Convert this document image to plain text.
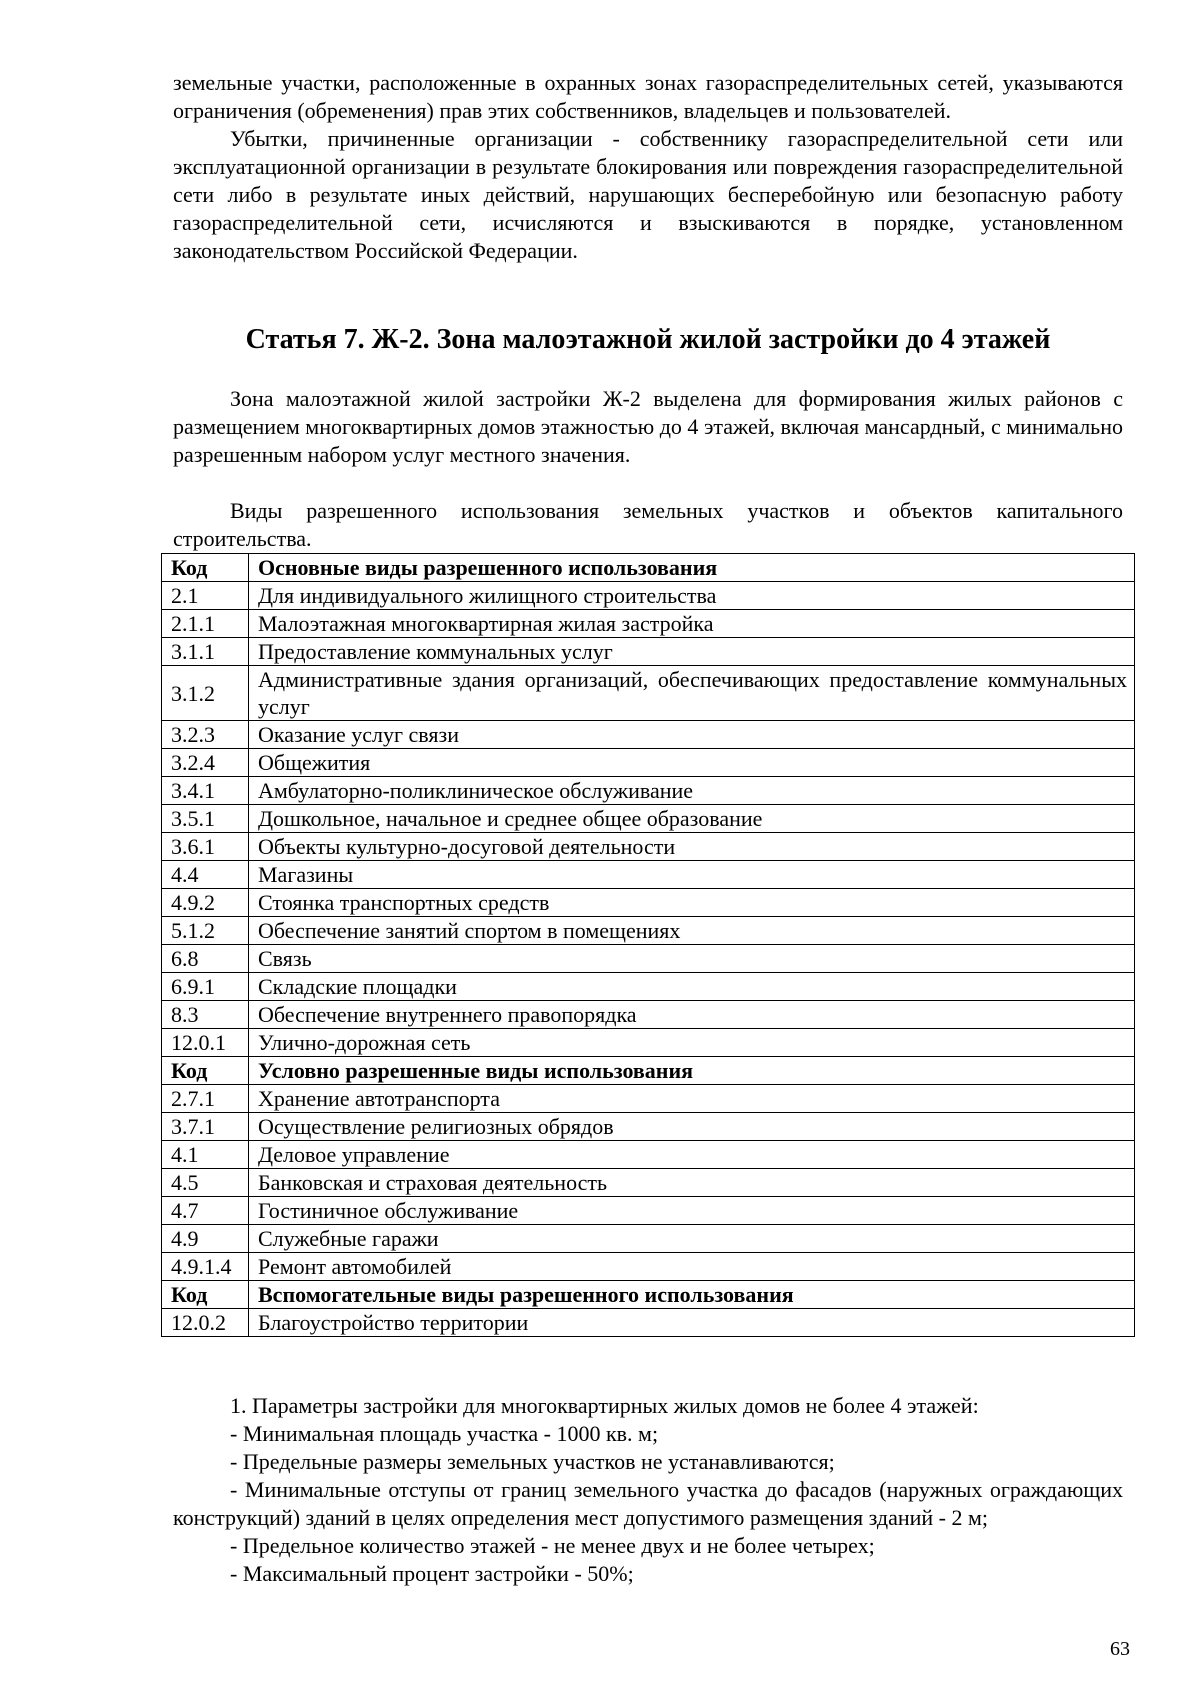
земельные участки, расположенные в охранных зонах газораспределительных сетей, указываются ограничения (обременения) прав этих собственников, владельцев и пользователей.

Убытки, причиненные организации - собственнику газораспределительной сети или эксплуатационной организации в результате блокирования или повреждения газораспределительной сети либо в результате иных действий, нарушающих бесперебойную или безопасную работу газораспределительной сети, исчисляются и взыскиваются в порядке, установленном законодательством Российской Федерации.

Статья 7. Ж-2. Зона малоэтажной жилой застройки до 4 этажей

Зона малоэтажной жилой застройки Ж-2 выделена для формирования жилых районов с размещением многоквартирных домов этажностью до 4 этажей, включая мансардный, с минимально разрешенным набором услуг местного значения.

Виды разрешенного использования земельных участков и объектов капитального строительства.

Код	Основные виды разрешенного использования
2.1	Для индивидуального жилищного строительства
2.1.1	Малоэтажная многоквартирная жилая застройка
3.1.1	Предоставление коммунальных услуг
3.1.2	Административные здания организаций, обеспечивающих предоставление коммунальных услуг
3.2.3	Оказание услуг связи
3.2.4	Общежития
3.4.1	Амбулаторно-поликлиническое обслуживание
3.5.1	Дошкольное, начальное и среднее общее образование
3.6.1	Объекты культурно-досуговой деятельности
4.4	Магазины
4.9.2	Стоянка транспортных средств
5.1.2	Обеспечение занятий спортом в помещениях
6.8	Связь
6.9.1	Складские площадки
8.3	Обеспечение внутреннего правопорядка
12.0.1	Улично-дорожная сеть
Код	Условно разрешенные виды использования
2.7.1	Хранение автотранспорта
3.7.1	Осуществление религиозных обрядов
4.1	Деловое управление
4.5	Банковская и страховая деятельность
4.7	Гостиничное обслуживание
4.9	Служебные гаражи
4.9.1.4	Ремонт автомобилей
Код	Вспомогательные виды разрешенного использования
12.0.2	Благоустройство территории

1. Параметры застройки для многоквартирных жилых домов не более 4 этажей:

- Минимальная площадь участка - 1000 кв. м;

- Предельные размеры земельных участков не устанавливаются;

- Минимальные отступы от границ земельного участка до фасадов (наружных ограждающих конструкций) зданий в целях определения мест допустимого размещения зданий - 2 м;

- Предельное количество этажей - не менее двух и не более четырех;

- Максимальный процент застройки - 50%;

63
